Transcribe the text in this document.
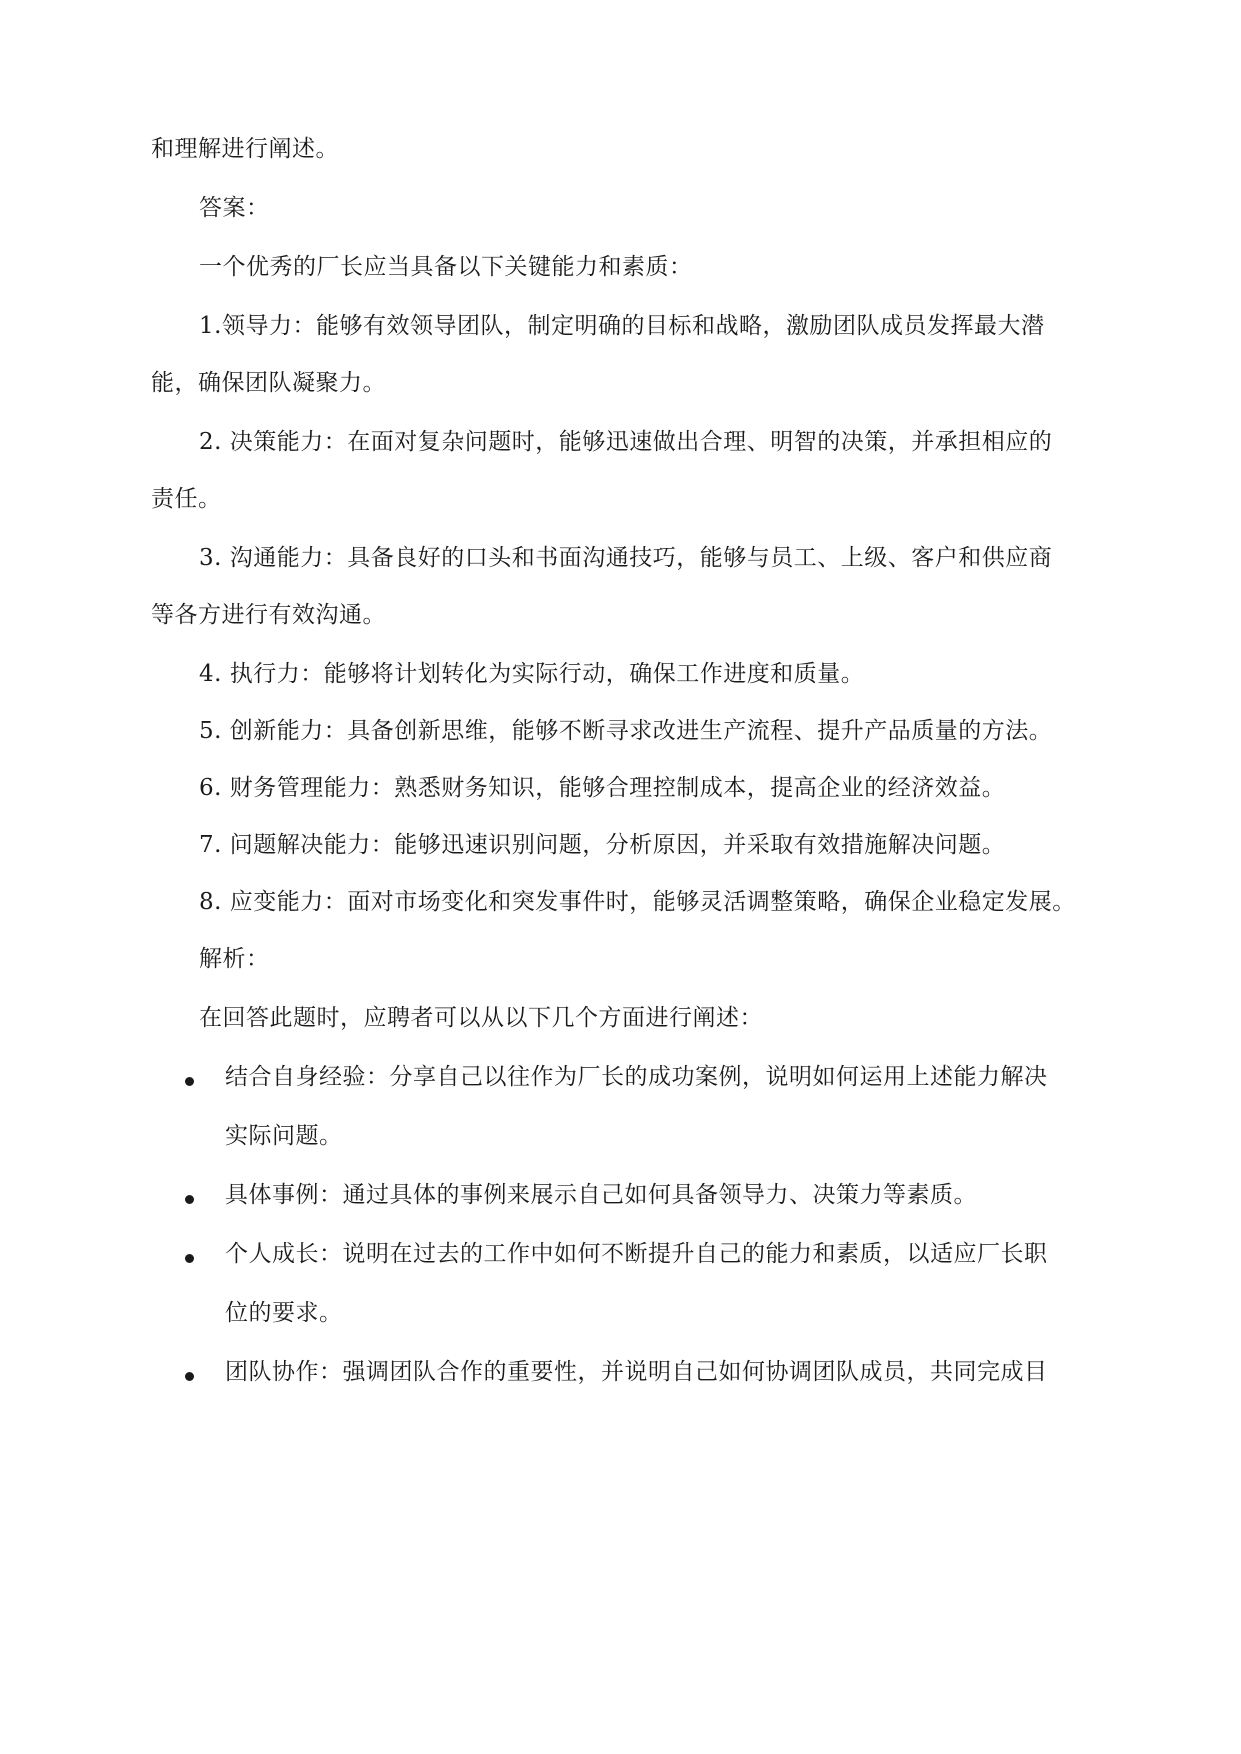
和理解进行阐述。
答案：
一个优秀的厂长应当具备以下关键能力和素质：
1.领导力：能够有效领导团队，制定明确的目标和战略，激励团队成员发挥最大潜
能，确保团队凝聚力。
2. 决策能力：在面对复杂问题时，能够迅速做出合理、明智的决策，并承担相应的
责任。
3. 沟通能力：具备良好的口头和书面沟通技巧，能够与员工、上级、客户和供应商
等各方进行有效沟通。
4. 执行力：能够将计划转化为实际行动，确保工作进度和质量。
5. 创新能力：具备创新思维，能够不断寻求改进生产流程、提升产品质量的方法。
6. 财务管理能力：熟悉财务知识，能够合理控制成本，提高企业的经济效益。
7. 问题解决能力：能够迅速识别问题，分析原因，并采取有效措施解决问题。
8. 应变能力：面对市场变化和突发事件时，能够灵活调整策略，确保企业稳定发展。
解析：
在回答此题时，应聘者可以从以下几个方面进行阐述：
结合自身经验：分享自己以往作为厂长的成功案例，说明如何运用上述能力解决
实际问题。
具体事例：通过具体的事例来展示自己如何具备领导力、决策力等素质。
个人成长：说明在过去的工作中如何不断提升自己的能力和素质，以适应厂长职
位的要求。
团队协作：强调团队合作的重要性，并说明自己如何协调团队成员，共同完成目
